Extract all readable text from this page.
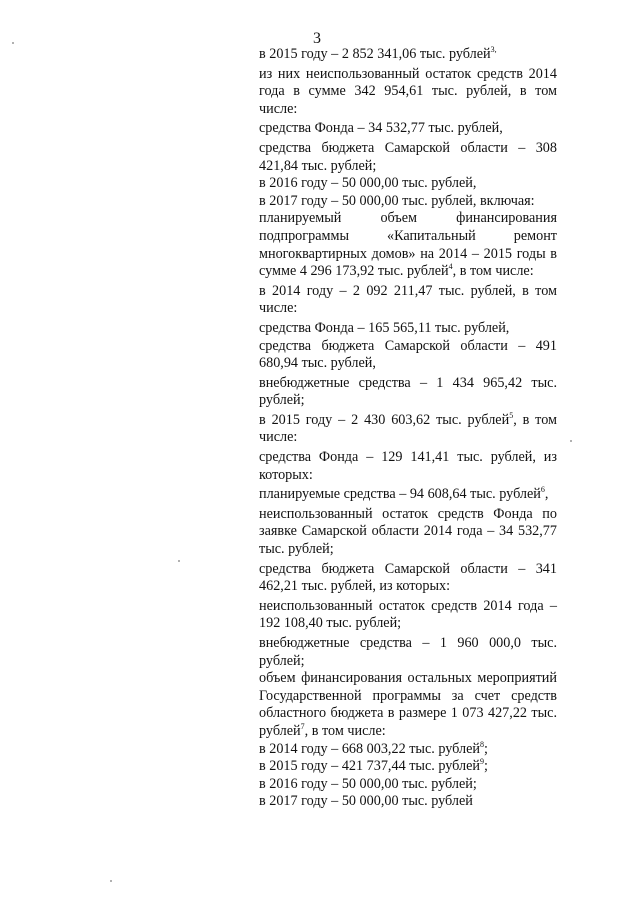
3

в 2015 году – 2 852 341,06 тыс. рублей$^{3,}$

из них неиспользованный остаток средств 2014 года в сумме 342 954,61 тыс. рублей, в том числе:

средства Фонда – 34 532,77 тыс. рублей,

средства бюджета Самарской области – 308 421,84 тыс. рублей;

в 2016 году – 50 000,00 тыс. рублей,

в 2017 году – 50 000,00 тыс. рублей, включая:

планируемый объем финансирования подпрограммы «Капитальный ремонт многоквартирных домов» на 2014 – 2015 годы в сумме 4 296 173,92 тыс. рублей$^4$, в том числе:

в 2014 году – 2 092 211,47 тыс. рублей, в том числе:

средства Фонда – 165 565,11 тыс. рублей,

средства бюджета Самарской области – 491 680,94 тыс. рублей,

внебюджетные средства – 1 434 965,42 тыс. рублей;

в 2015 году – 2 430 603,62 тыс. рублей$^5$, в том числе:

средства Фонда – 129 141,41 тыс. рублей, из которых:

планируемые средства – 94 608,64 тыс. рублей$^6$,

неиспользованный остаток средств Фонда по заявке Самарской области 2014 года – 34 532,77 тыс. рублей;

средства бюджета Самарской области – 341 462,21 тыс. рублей, из которых:

неиспользованный остаток средств 2014 года – 192 108,40 тыс. рублей;

внебюджетные средства – 1 960 000,0 тыс. рублей;

объем финансирования остальных мероприятий Государственной программы за счет средств областного бюджета в размере 1 073 427,22 тыс. рублей$^7$, в том числе:

в 2014 году – 668 003,22 тыс. рублей$^8$;

в 2015 году – 421 737,44 тыс. рублей$^9$;

в 2016 году – 50 000,00 тыс. рублей;

в 2017 году – 50 000,00 тыс. рублей
